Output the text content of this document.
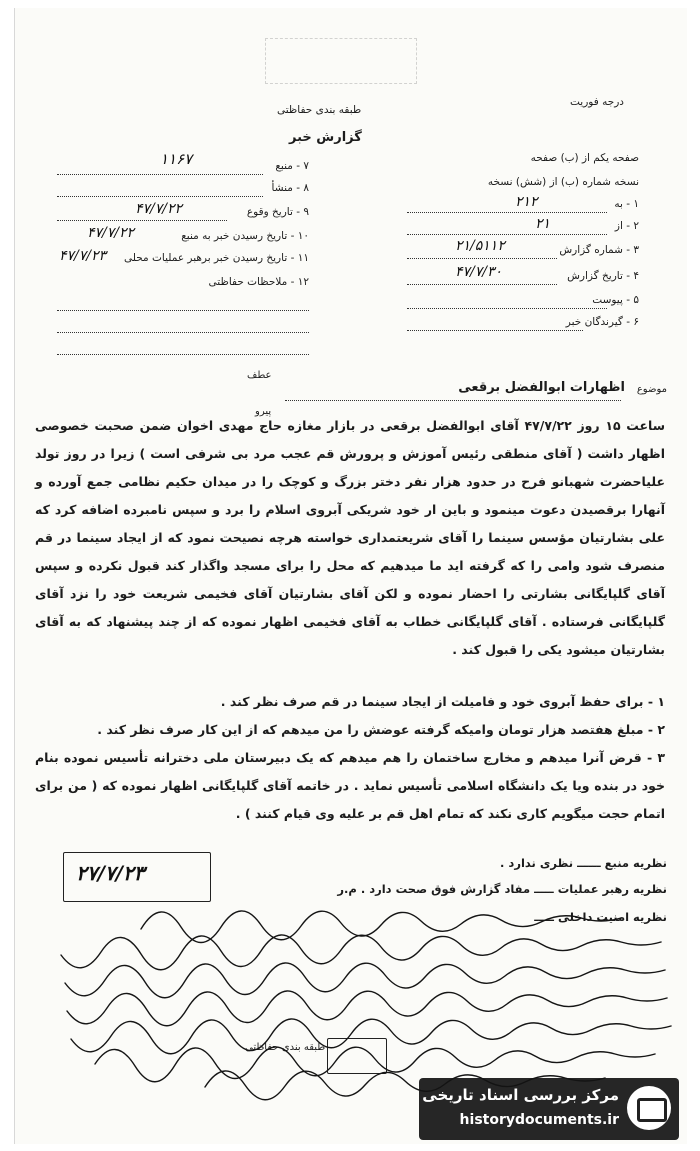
درجه فوریت
طبقه بندی حفاظتی
گزارش خبر
صفحه یکم از (ب) صفحه
نسخه شماره (ب) از (شش) نسخه
۱ - به
۲۱۲
۲ - از
۲۱
۳ - شماره گزارش
۲۱/۵۱۱۲
۴ - تاریخ گزارش
۴۷/۷/۳۰
۵ - پیوست
۶ - گیرندگان خبر
۷ - منبع
۱۱۶۷
۸ - منشأ
۹ - تاریخ وقوع
۴۷/۷/۲۲
۱۰ - تاریخ رسیدن خبر به منبع
۴۷/۷/۲۲
۱۱ - تاریخ رسیدن خبر برهبر عملیات محلی
۴۷/۷/۲۳
۱۲ - ملاحظات حفاظتی
موضوع
اظهارات ابوالفضل برقعی
عطف
پیرو
ساعت ۱۵ روز ۴۷/۷/۲۲ آقای ابوالفضل برقعی در بازار مغازه حاج مهدی اخوان ضمن صحبت خصوصی اظهار داشت ( آقای منطقی رئیس آموزش و پرورش قم عجب مرد بی شرفی است ) زیرا در روز تولد علیاحضرت شهبانو فرح در حدود هزار نفر دختر بزرگ و کوچک را در میدان حکیم نظامی جمع آورده و آنهارا برقصیدن دعوت مینمود و باین ار خود شریکی آبروی اسلام را برد و سپس نامبرده اضافه کرد که علی بشارتیان مؤسس سینما را آقای شریعتمداری خواسته هرچه نصیحت نمود که از ایجاد سینما در قم منصرف شود وامی را که گرفته اید ما میدهیم که محل را برای مسجد واگذار کند قبول نکرده و سپس آقای گلپایگانی بشارتی را احضار نموده و لکن آقای بشارتیان آقای فخیمی شریعت خود را نزد آقای گلپایگانی فرستاده . آقای گلپایگانی خطاب به آقای فخیمی اظهار نموده که از چند پیشنهاد که به آقای بشارتیان میشود یکی را قبول کند .
۱ - برای حفظ آبروی خود و فامیلت از ایجاد سینما در قم صرف نظر کند .
۲ - مبلغ هفتصد هزار تومان وامیکه گرفته عوضش را من میدهم که از این کار صرف نظر کند .
۳ - قرض آنرا میدهم و مخارج ساختمان را هم میدهم که یک دبیرستان ملی دخترانه تأسیس نموده بنام خود در بنده ویا یک دانشگاه اسلامی تأسیس نماید . در خاتمه آقای گلپایگانی اظهار نموده که ( من برای اتمام حجت میگویم کاری نکند که تمام اهل قم بر علیه وی قیام کنند ) .
نظریه منبع ــــــ نظری ندارد .
نظریه رهبر عملیات ـــــ مفاد گزارش فوق صحت دارد . م.ر
نظریه امنیت داخلی ـــــ
۲۷/۷/۲۳
طبقه بندی حفاظتی
مرکز بررسی اسناد تاریخی
historydocuments.ir
